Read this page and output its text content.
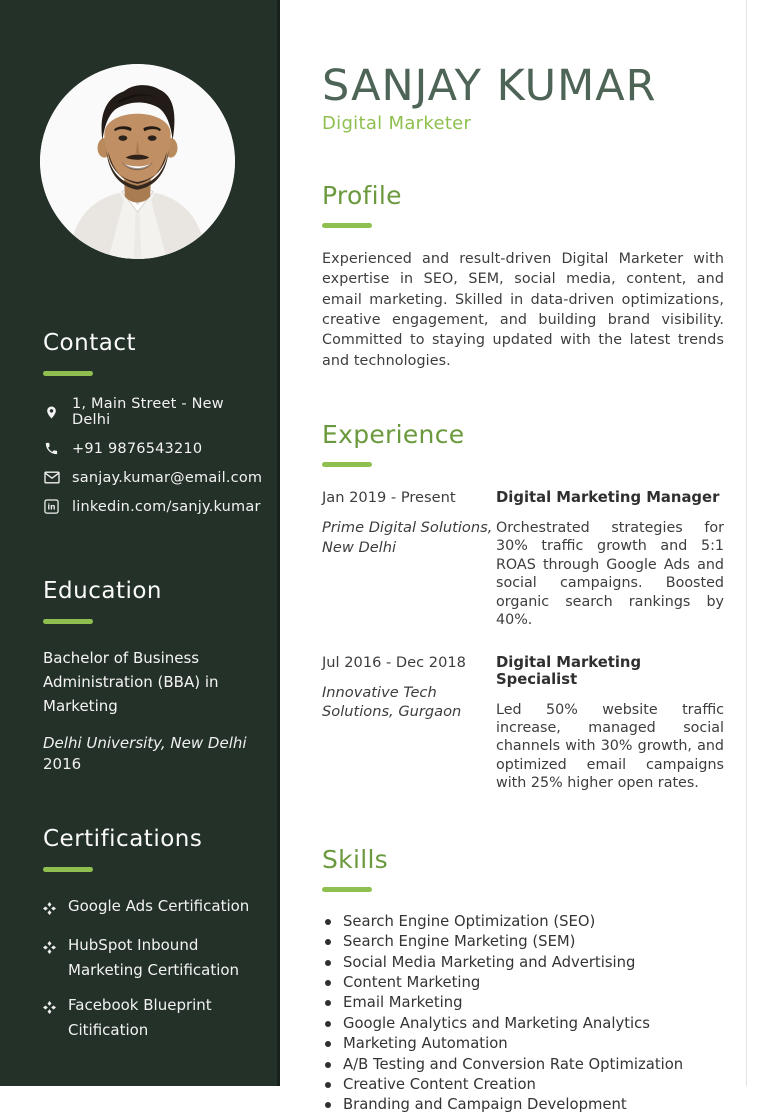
Contact
1, Main Street - New Delhi
+91 9876543210
sanjay.kumar@email.com
in linkedin.com/sanjy.kumar
Education
Bachelor of Business Administration (BBA) in Marketing
Delhi University, New Delhi
2016
Certifications
Google Ads Certification
HubSpot Inbound Marketing Certification
Facebook Blueprint Citification
SANJAY KUMAR
Digital Marketer
Profile

Experienced and result-driven Digital Marketer with expertise in SEO, SEM, social media, content, and email marketing. Skilled in data-driven optimizations, creative engagement, and building brand visibility. Committed to staying updated with the latest trends and technologies.

Experience
Jan 2019 - Present
Prime Digital Solutions, New Delhi
Digital Marketing Manager
Orchestrated strategies for 30% traffic growth and 5:1 ROAS through Google Ads and social campaigns. Boosted organic search rankings by 40%.
Jul 2016 - Dec 2018
Innovative Tech Solutions, Gurgaon
Digital Marketing Specialist
Led 50% website traffic increase, managed social channels with 30% growth, and optimized email campaigns with 25% higher open rates.
Skills
Search Engine Optimization (SEO)
Search Engine Marketing (SEM)
Social Media Marketing and Advertising
Content Marketing
Email Marketing
Google Analytics and Marketing Analytics
Marketing Automation
A/B Testing and Conversion Rate Optimization
Creative Content Creation
Branding and Campaign Development
